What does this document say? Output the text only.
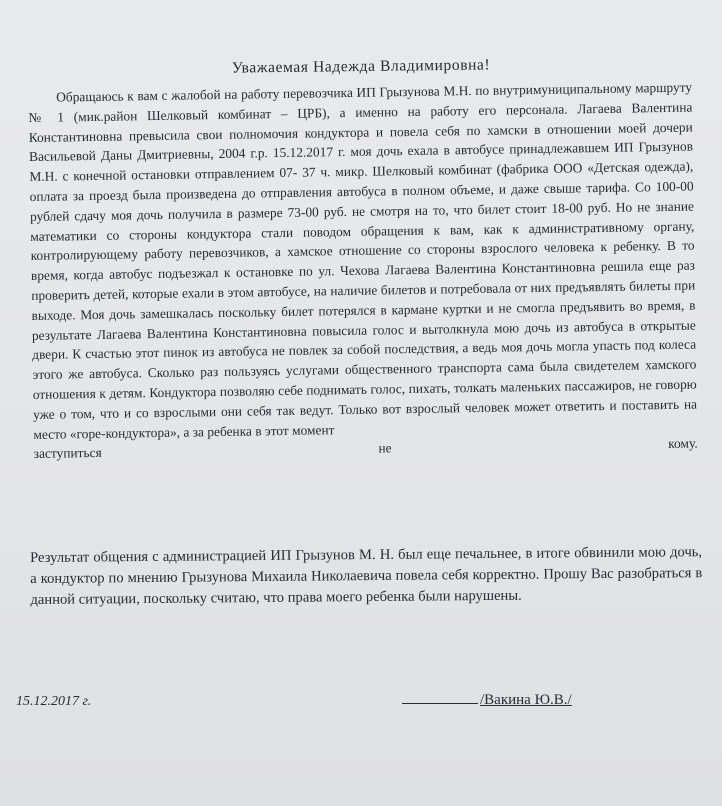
Уважаемая Надежда Владимировна!

Обращаюсь к вам с жалобой на работу перевозчика ИП Грызунова М.Н. по внутримуниципальному маршруту № 1 (мик.район Шелковый комбинат – ЦРБ), а именно на работу его персонала. Лагаева Валентина Константиновна превысила свои полномочия кондуктора и повела себя по хамски в отношении моей дочери Васильевой Даны Дмитриевны, 2004 г.р. 15.12.2017 г. моя дочь ехала в автобусе принадлежавшем ИП Грызунов М.Н. с конечной остановки отправлением 07- 37 ч. микр. Шелковый комбинат (фабрика ООО «Детская одежда), оплата за проезд была произведена до отправления автобуса в полном объеме, и даже свыше тарифа. Со 100-00 рублей сдачу моя дочь получила в размере 73-00 руб. не смотря на то, что билет стоит 18-00 руб. Но не знание математики со стороны кондуктора стали поводом обращения к вам, как к административному органу, контролирующему работу перевозчиков, а хамское отношение со стороны взрослого человека к ребенку. В то время, когда автобус подъезжал к остановке по ул. Чехова Лагаева Валентина Константиновна решила еще раз проверить детей, которые ехали в этом автобусе, на наличие билетов и потребовала от них предъявлять билеты при выходе. Моя дочь замешкалась поскольку билет потерялся в кармане куртки и не смогла предъявить во время, в результате Лагаева Валентина Константиновна повысила голос и вытолкнула мою дочь из автобуса в открытые двери. К счастью этот пинок из автобуса не повлек за собой последствия, а ведь моя дочь могла упасть под колеса этого же автобуса. Сколько раз пользуясь услугами общественного транспорта сама была свидетелем хамского отношения к детям. Кондуктора позволяю себе поднимать голос, пихать, толкать маленьких пассажиров, не говорю уже о том, что и со взрослыми они себя так ведут. Только вот взрослый человек может ответить и поставить на место «горе-кондуктора», а за ребенка в этот момент

заступиться	не	кому.

Результат общения с администрацией ИП Грызунов М. Н. был еще печальнее, в итоге обвинили мою дочь, а кондуктор по мнению Грызунова Михаила Николаевича повела себя корректно. Прошу Вас разобраться в данной ситуации, поскольку считаю, что права моего ребенка были нарушены.

15.12.2017 г.	/Вакина Ю.В./
